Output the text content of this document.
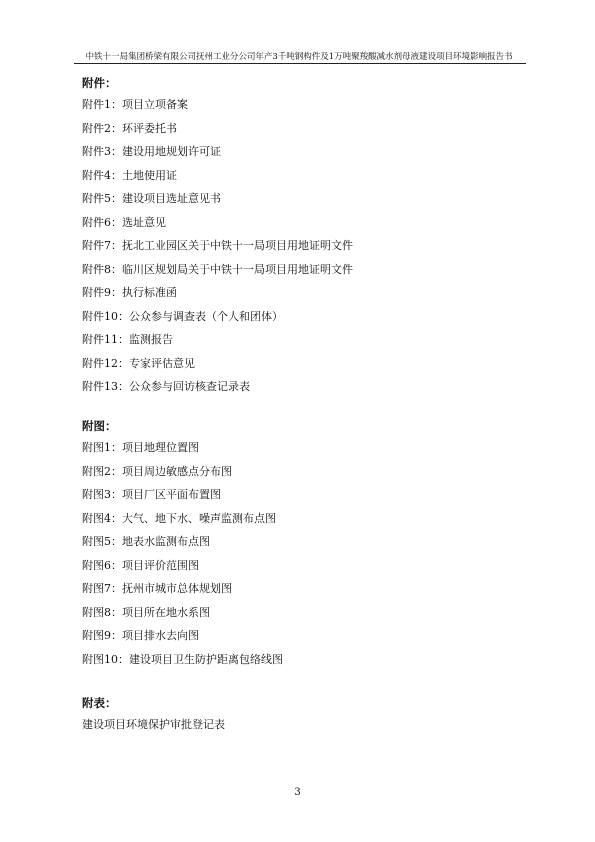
中铁十一局集团桥梁有限公司抚州工业分公司年产3千吨钢构件及1万吨聚羧酸减水剂母液建设项目环境影响报告书
附件：
附件1：项目立项备案
附件2：环评委托书
附件3：建设用地规划许可证
附件4：土地使用证
附件5：建设项目选址意见书
附件6：选址意见
附件7：抚北工业园区关于中铁十一局项目用地证明文件
附件8：临川区规划局关于中铁十一局项目用地证明文件
附件9：执行标准函
附件10：公众参与调查表（个人和团体）
附件11：监测报告
附件12：专家评估意见
附件13：公众参与回访核查记录表
附图：
附图1：项目地理位置图
附图2：项目周边敏感点分布图
附图3：项目厂区平面布置图
附图4：大气、地下水、噪声监测布点图
附图5：地表水监测布点图
附图6：项目评价范围图
附图7：抚州市城市总体规划图
附图8：项目所在地水系图
附图9：项目排水去向图
附图10：建设项目卫生防护距离包络线图
附表：
建设项目环境保护审批登记表
3
